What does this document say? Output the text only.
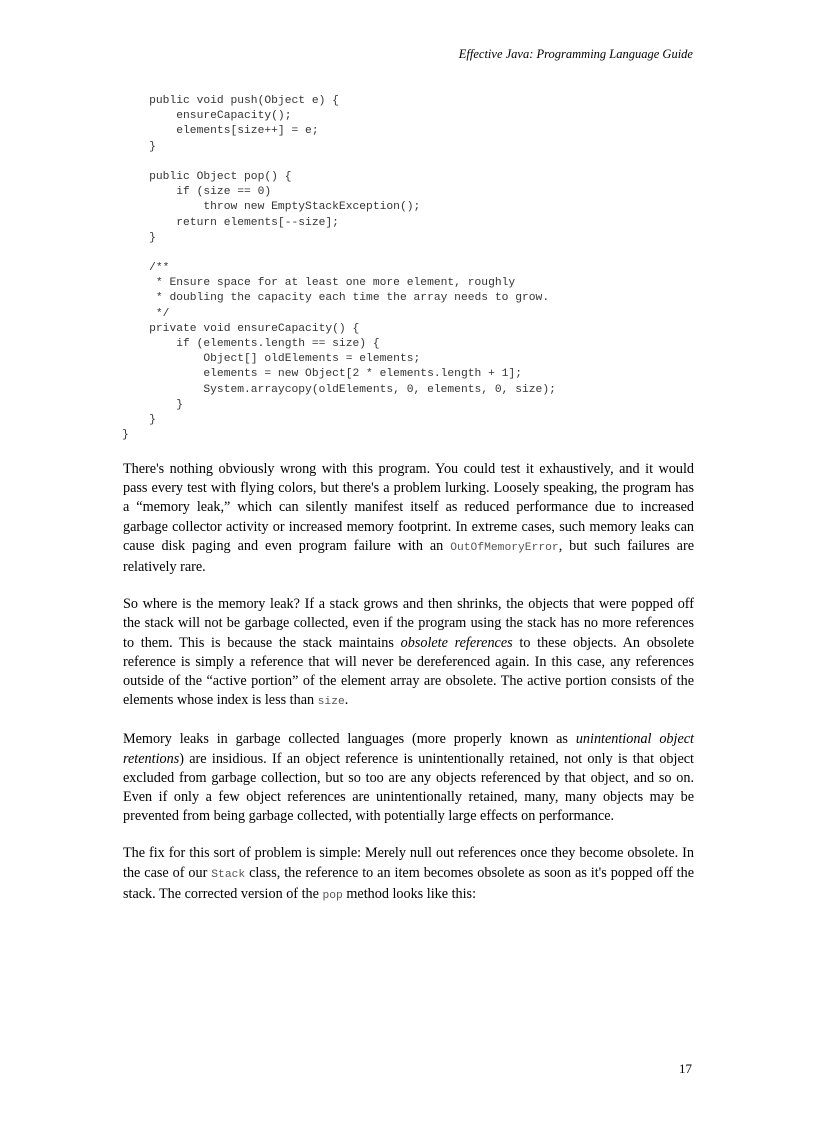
Effective Java: Programming Language Guide
public void push(Object e) {
ensureCapacity();
elements[size++] = e;
}
public Object pop() {
if (size == 0)
throw new EmptyStackException();
return elements[--size];
}
/**
* Ensure space for at least one more element, roughly
* doubling the capacity each time the array needs to grow.
*/
private void ensureCapacity() {
if (elements.length == size) {
Object[] oldElements = elements;
elements = new Object[2 * elements.length + 1];
System.arraycopy(oldElements, 0, elements, 0, size);
}
}
}

There's nothing obviously wrong with this program. You could test it exhaustively, and it would pass every test with flying colors, but there's a problem lurking. Loosely speaking, the program has a “memory leak,” which can silently manifest itself as reduced performance due to increased garbage collector activity or increased memory footprint. In extreme cases, such memory leaks can cause disk paging and even program failure with an OutOfMemoryError, but such failures are relatively rare.

So where is the memory leak? If a stack grows and then shrinks, the objects that were popped off the stack will not be garbage collected, even if the program using the stack has no more references to them. This is because the stack maintains obsolete references to these objects. An obsolete reference is simply a reference that will never be dereferenced again. In this case, any references outside of the “active portion” of the element array are obsolete. The active portion consists of the elements whose index is less than size.

Memory leaks in garbage collected languages (more properly known as unintentional object retentions) are insidious. If an object reference is unintentionally retained, not only is that object excluded from garbage collection, but so too are any objects referenced by that object, and so on. Even if only a few object references are unintentionally retained, many, many objects may be prevented from being garbage collected, with potentially large effects on performance.

The fix for this sort of problem is simple: Merely null out references once they become obsolete. In the case of our Stack class, the reference to an item becomes obsolete as soon as it's popped off the stack. The corrected version of the pop method looks like this:

17
